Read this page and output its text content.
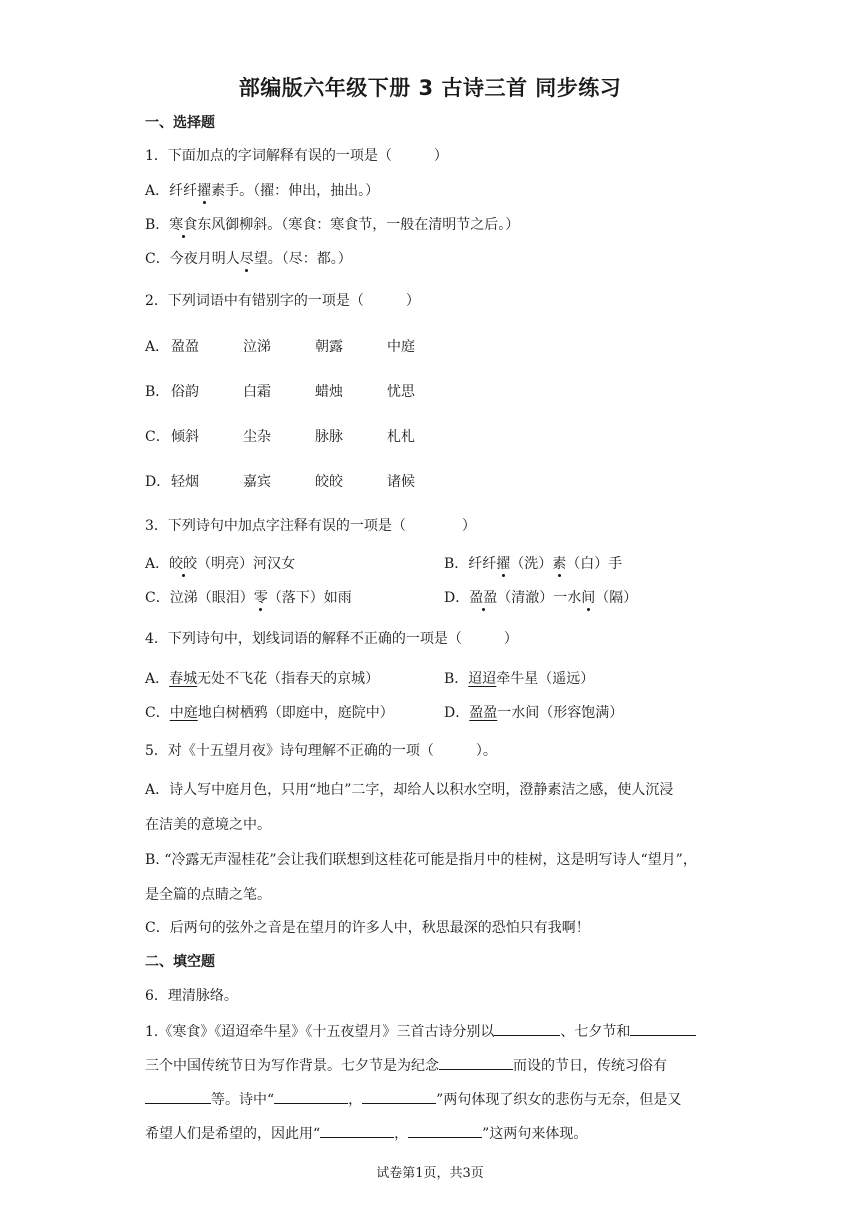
部编版六年级下册 3 古诗三首 同步练习
一、选择题
1．下面加点的字词解释有误的一项是（　　　）
A．纤纤擢素手。（擢：伸出，抽出。）
B．寒食东风御柳斜。（寒食：寒食节，一般在清明节之后。）
C．今夜月明人尽望。（尽：都。）
2．下列词语中有错别字的一项是（　　　）
A． 盈盈	泣涕	朝露	中庭
B． 俗韵	白霜	蜡烛	忧思
C．倾斜	尘杂	脉脉	札札
D．轻烟	嘉宾	皎皎	诸候
3．下列诗句中加点字注释有误的一项是（　　　　）
A．皎皎（明亮）河汉女	B．纤纤擢（洗）素（白）手
C．泣涕（眼泪）零（落下）如雨	D．盈盈（清澈）一水间（隔）
4．下列诗句中，划线词语的解释不正确的一项是（　　　）
A．春城无处不飞花（指春天的京城）	B．迢迢牵牛星（遥远）
C．中庭地白树栖鸦（即庭中，庭院中）	D．盈盈一水间（形容饱满）
5．对《十五望月夜》诗句理解不正确的一项（　　　）。
A．诗人写中庭月色，只用“地白”二字，却给人以积水空明，澄静素洁之感，使人沉浸
在洁美的意境之中。
B. “冷露无声湿桂花”会让我们联想到这桂花可能是指月中的桂树，这是明写诗人“望月”，
是全篇的点睛之笔。
C．后两句的弦外之音是在望月的许多人中，秋思最深的恐怕只有我啊！
二、填空题
6．理清脉络。
1.《寒食》《迢迢牵牛星》《十五夜望月》三首古诗分别以	、七夕节和
三个中国传统节日为写作背景。七夕节是为纪念	而设的节日，传统习俗有
等。诗中“	，	”两句体现了织女的悲伤与无奈，但是又
希望人们是希望的，因此用“	，	”这两句来体现。
试卷第1页，共3页
